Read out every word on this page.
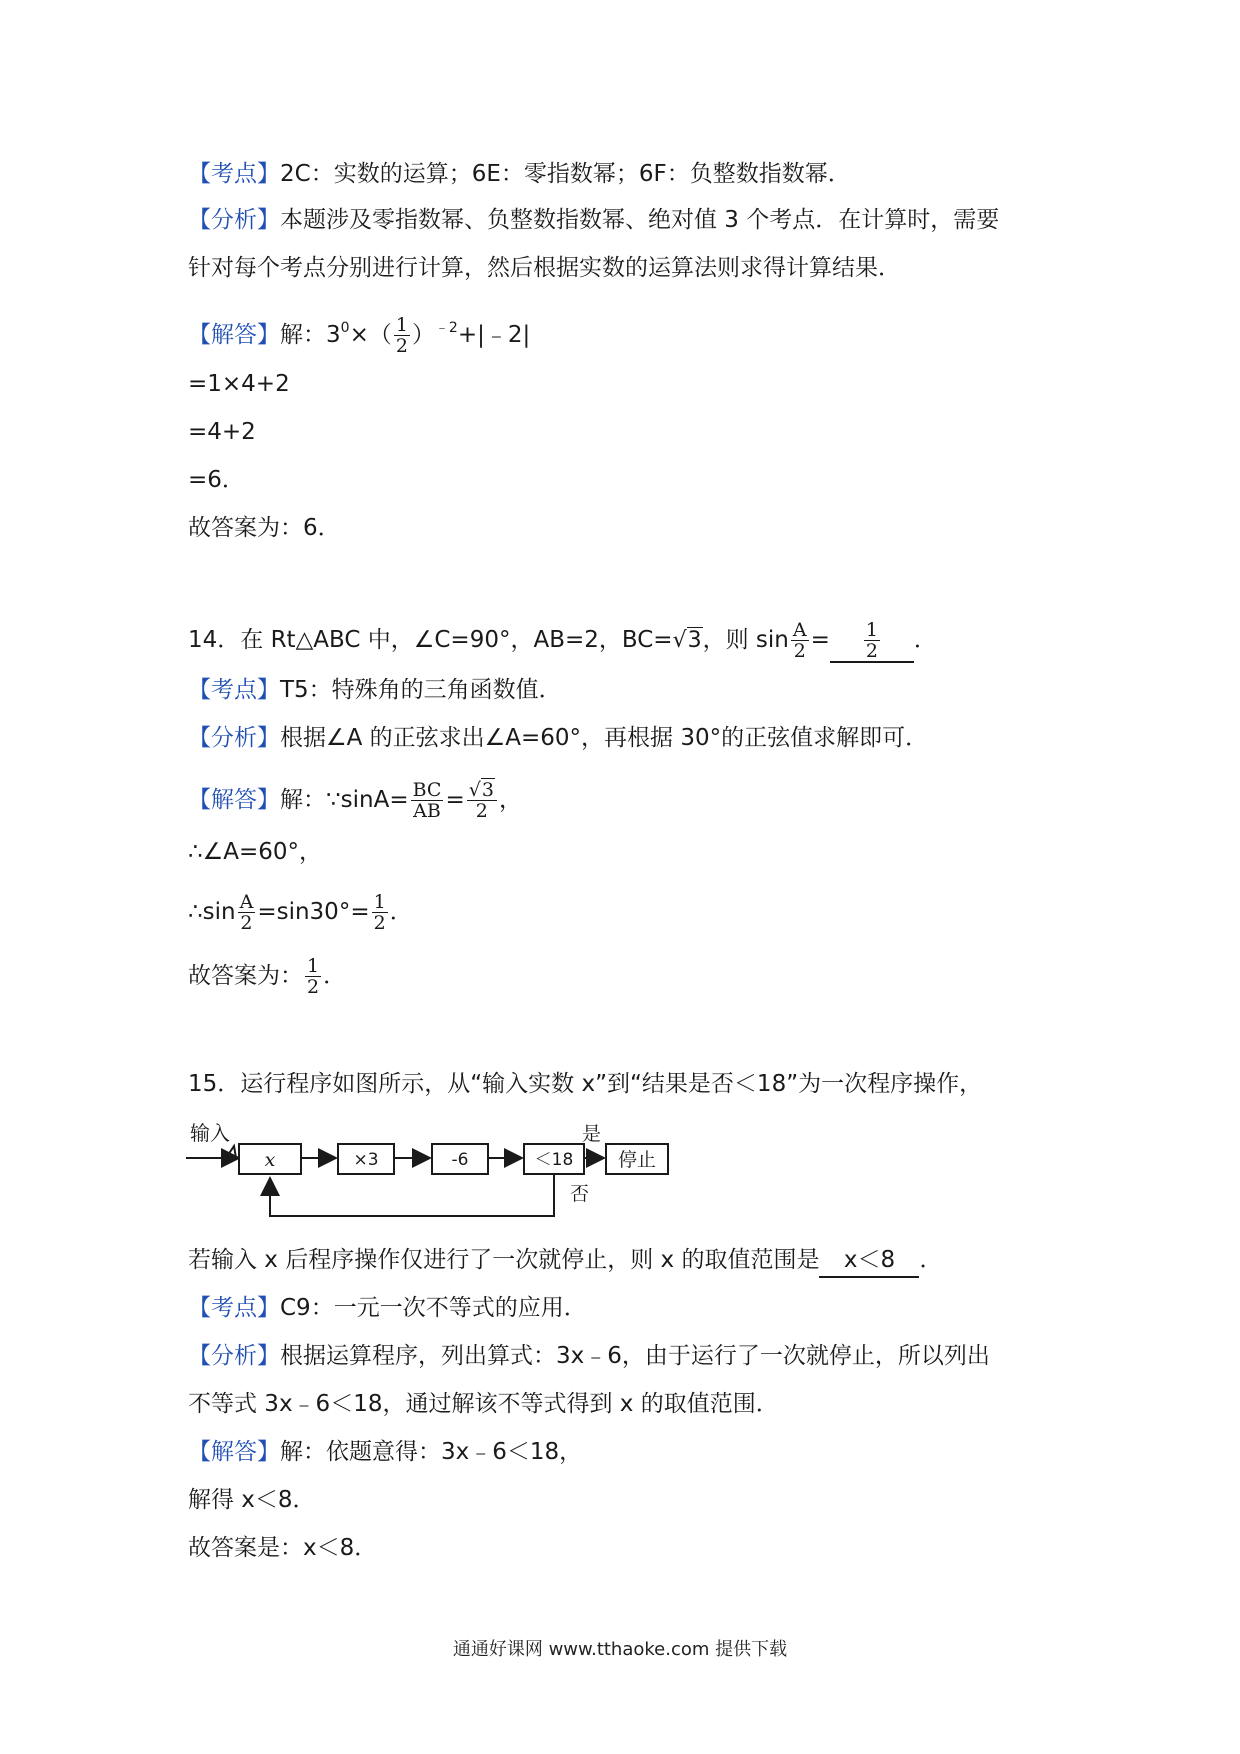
【考点】2C：实数的运算；6E：零指数幂；6F：负整数指数幂．
【分析】本题涉及零指数幂、负整数指数幂、绝对值 3 个考点．在计算时，需要
针对每个考点分别进行计算，然后根据实数的运算法则求得计算结果．
【解答】解：$3^0\times( \frac{1}{2}$ ）$^{﹣2}+|﹣2|$
=1×4+2
=4+2
=6．
故答案为：6．
14．在 Rt△ABC 中，∠C=90°，AB=2，BC=√3，则 $\sin \frac{A}{2} = \frac{1}{2}$ ．
【考点】T5：特殊角的三角函数值．
【分析】根据∠A 的正弦求出∠A=60°，再根据 30°的正弦值求解即可．
【解答】解：∵sinA= $\frac{BC}{AB} = \frac{√3}{2}$ ，
∴∠A=60°，
∴sin $\frac{A}{2} =\sin 30^\circ= \frac{1}{2}$ ．
故答案为： $\frac{1}{2}$ ．
15．运行程序如图所示，从“输入实数 x”到“结果是否＜18”为一次程序操作，
输入
x	×3	-6	＜18
是
停止
否
若输入 x 后程序操作仅进行了一次就停止，则 x 的取值范围是 x＜8 ．
【考点】C9：一元一次不等式的应用．
【分析】根据运算程序，列出算式：3x﹣6，由于运行了一次就停止，所以列出
不等式 3x﹣6＜18，通过解该不等式得到 x 的取值范围．
【解答】解：依题意得：3x﹣6＜18，
解得 x＜8．
故答案是：x＜8．
通通好课网 www.tthaoke.com 提供下载
